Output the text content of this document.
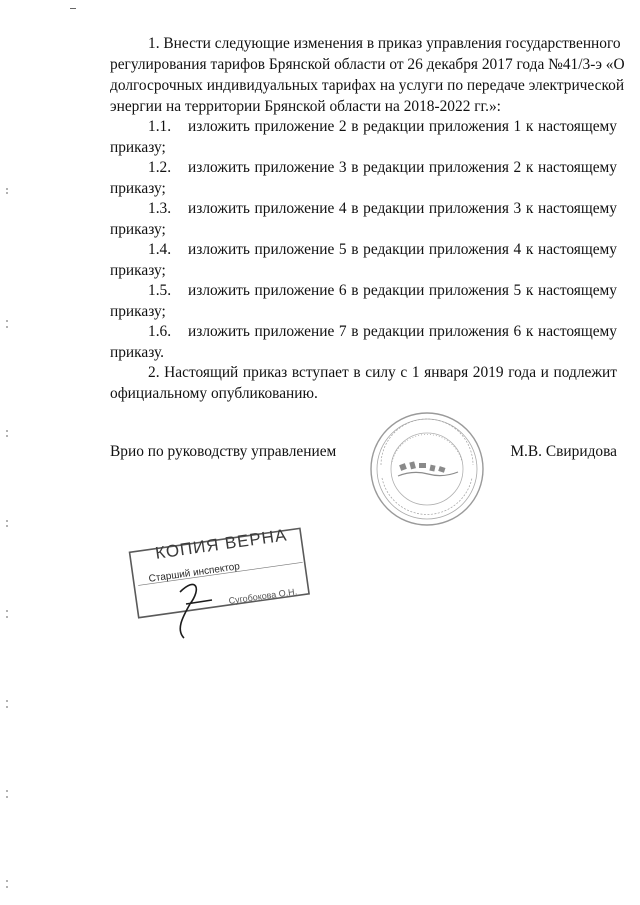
1. Внести следующие изменения в приказ управления государственного
регулирования тарифов Брянской области от 26 декабря 2017 года №41/3-э «О
долгосрочных индивидуальных тарифах на услуги по передаче электрической
энергии на территории Брянской области на 2018-2022 гг.»:
1.1. изложить приложение 2 в редакции приложения 1 к настоящему
приказу;
1.2. изложить приложение 3 в редакции приложения 2 к настоящему
приказу;
1.3. изложить приложение 4 в редакции приложения 3 к настоящему
приказу;
1.4. изложить приложение 5 в редакции приложения 4 к настоящему
приказу;
1.5. изложить приложение 6 в редакции приложения 5 к настоящему
приказу;
1.6. изложить приложение 7 в редакции приложения 6 к настоящему
приказу.
2. Настоящий приказ вступает в силу с 1 января 2019 года и подлежит
официальному опубликованию.
Врио по руководству управлением	М.В. Свиридова
КОПИЯ ВЕРНА
Старший инспектор
Сугобокова О.Н.
